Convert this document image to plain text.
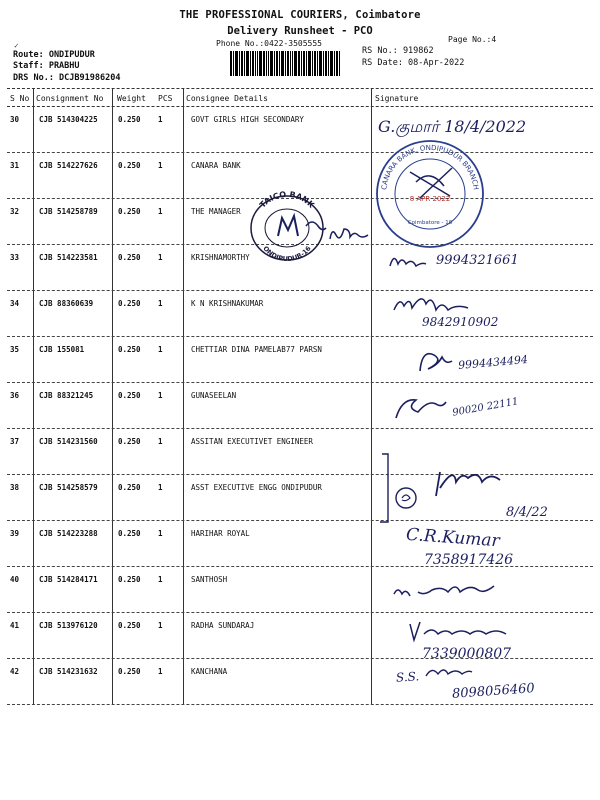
THE PROFESSIONAL COURIERS, Coimbatore
Delivery Runsheet - PCO
Phone No.:0422-3505555	Page No.:4
RS No.: 919862
RS Date: 08-Apr-2022
Route: ONDIPUDUR
Staff: PRABHU
DRS No.: DCJB91986204
✓
S No Consignment No Weight PCS Consignee Details	Signature
30	CJB 514304225	0.250 1	GOVT GIRLS HIGH SECONDARY
31	CJB 514227626	0.250 1	CANARA BANK
32	CJB 514258789	0.250 1	THE MANAGER
33	CJB 514223581	0.250 1	KRISHNAMORTHY
34	CJB 88360639	0.250 1	K N KRISHNAKUMAR
35	CJB 155081	0.250 1	CHETTIAR DINA PAMELAB77 PARSN
36	CJB 88321245	0.250 1	GUNASEELAN
37	CJB 514231560	0.250 1	ASSITAN EXECUTIVET ENGINEER
38	CJB 514258579	0.250 1	ASST EXECUTIVE ENGG ONDIPUDUR
39	CJB 514223288	0.250 1	HARIHAR ROYAL
40	CJB 514284171	0.250 1	SANTHOSH
41	CJB 513976120	0.250 1	RADHA SUNDARAJ
42	CJB 514231632	0.250 1	KANCHANA
TAICO BANK
ONDIPUDUR-16
CANARA BANK, ONDIPUDUR BRANCH
8 APR 2022
Coimbatore - 16
G.குமார் 18/4/2022
9994321661
9842910902
9994434494
90020 22111
8/4/22
C.R.Kumar
7358917426
7339000807
S.S.
8098056460
